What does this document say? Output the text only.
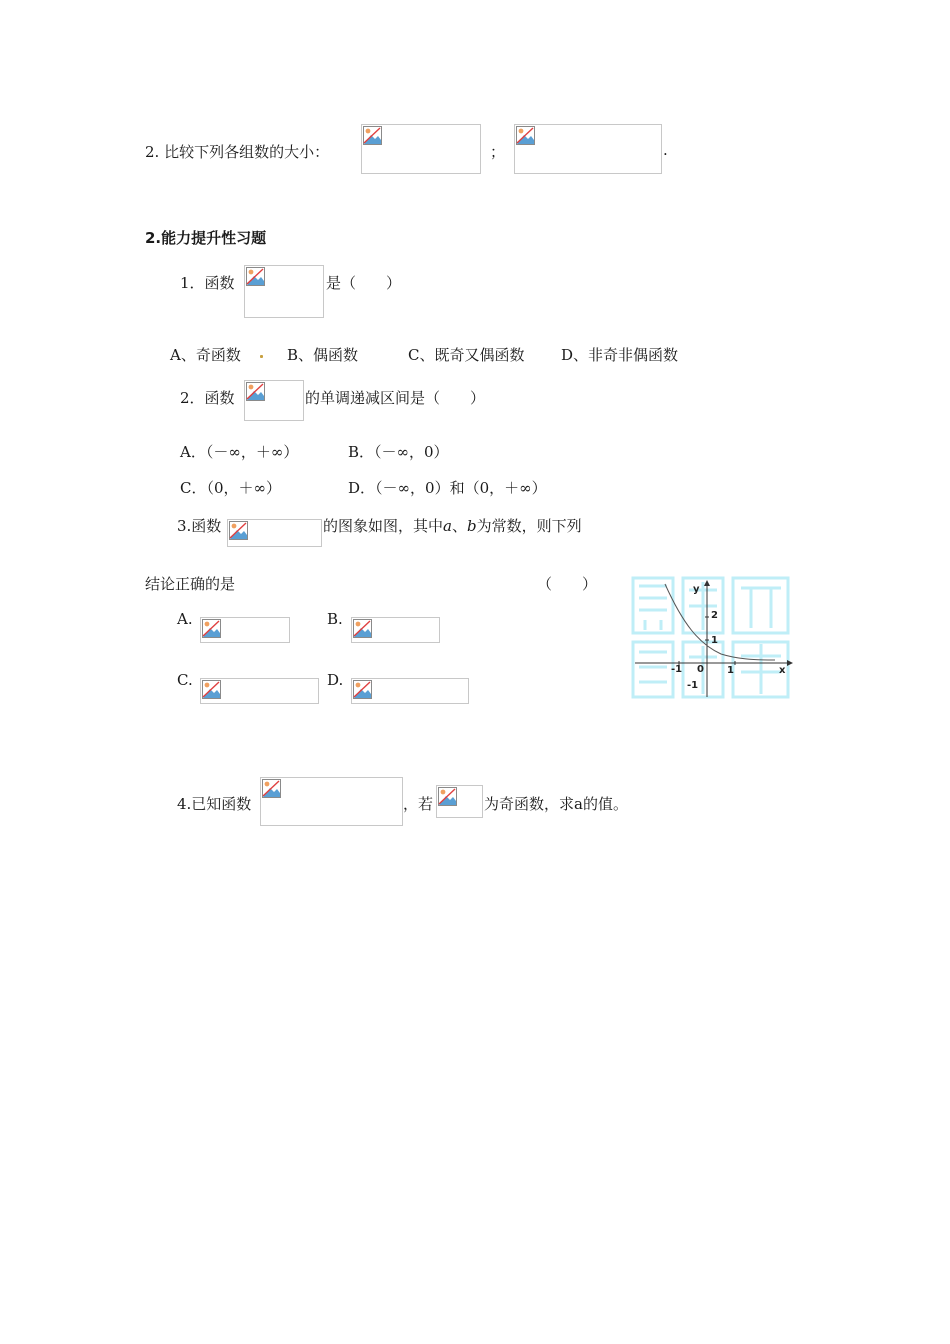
2. 比较下列各组数的大小：	；	.
2.能力提升性习题
1．函数	是（　　）
A、奇函数	B、偶函数	C、既奇又偶函数 D、非奇非偶函数
2．函数	的单调递减区间是（　　）
A．（－∞，＋∞）	B．（－∞，0）
C．（0，＋∞）	D．（－∞，0）和（0，＋∞）
3.函数	的图象如图，其中a、b为常数，则下列
结论正确的是	（　　）
A.	B.
C.	D.
y
x
2
1
-1
-1 0 1
4.已知函数	，若	为奇函数，求a的值。
